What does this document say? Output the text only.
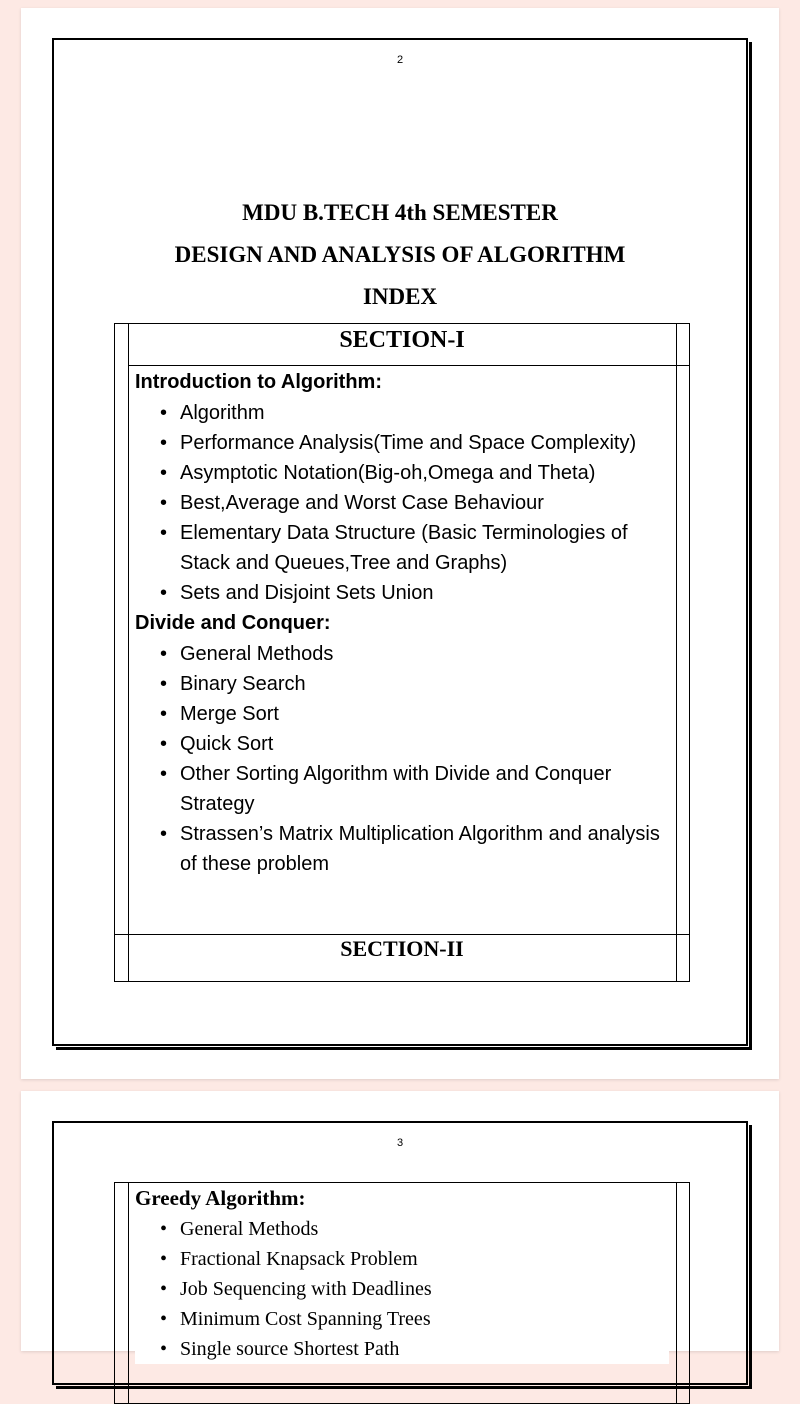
2
MDU B.TECH 4th SEMESTER
DESIGN AND ANALYSIS OF ALGORITHM
INDEX
SECTION-I
Introduction to Algorithm:
• Algorithm
• Performance Analysis(Time and Space Complexity)
• Asymptotic Notation(Big-oh,Omega and Theta)
• Best,Average and Worst Case Behaviour
• Elementary Data Structure (Basic Terminologies of Stack and Queues,Tree and Graphs)
• Sets and Disjoint Sets Union
Divide and Conquer:
• General Methods
• Binary Search
• Merge Sort
• Quick Sort
• Other Sorting Algorithm with Divide and Conquer Strategy
• Strassen’s Matrix Multiplication Algorithm and analysis of these problem
SECTION-II
3
Greedy Algorithm:
• General Methods
• Fractional Knapsack Problem
• Job Sequencing with Deadlines
• Minimum Cost Spanning Trees
• Single source Shortest Path
